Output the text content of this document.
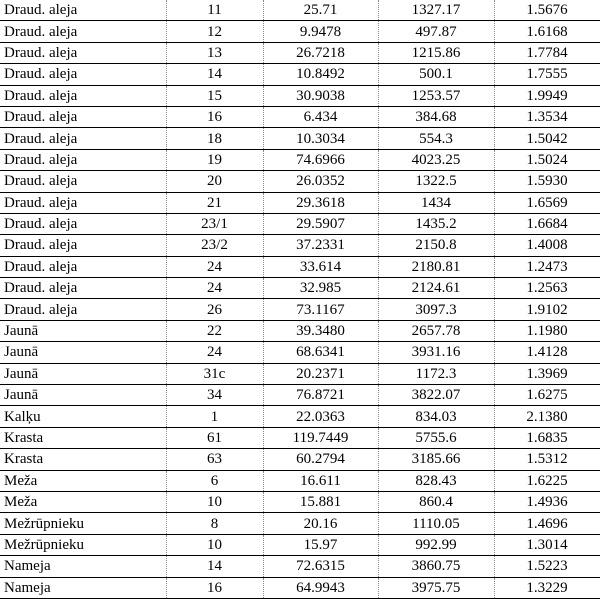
Draud. aleja	11	25.71	1327.17	1.5676
Draud. aleja	12	9.9478	497.87	1.6168
Draud. aleja	13	26.7218	1215.86	1.7784
Draud. aleja	14	10.8492	500.1	1.7555
Draud. aleja	15	30.9038	1253.57	1.9949
Draud. aleja	16	6.434	384.68	1.3534
Draud. aleja	18	10.3034	554.3	1.5042
Draud. aleja	19	74.6966	4023.25	1.5024
Draud. aleja	20	26.0352	1322.5	1.5930
Draud. aleja	21	29.3618	1434	1.6569
Draud. aleja	23/1	29.5907	1435.2	1.6684
Draud. aleja	23/2	37.2331	2150.8	1.4008
Draud. aleja	24	33.614	2180.81	1.2473
Draud. aleja	24	32.985	2124.61	1.2563
Draud. aleja	26	73.1167	3097.3	1.9102
Jaunā	22	39.3480	2657.78	1.1980
Jaunā	24	68.6341	3931.16	1.4128
Jaunā	31c	20.2371	1172.3	1.3969
Jaunā	34	76.8721	3822.07	1.6275
Kalķu	1	22.0363	834.03	2.1380
Krasta	61	119.7449	5755.6	1.6835
Krasta	63	60.2794	3185.66	1.5312
Meža	6	16.611	828.43	1.6225
Meža	10	15.881	860.4	1.4936
Mežrūpnieku	8	20.16	1110.05	1.4696
Mežrūpnieku	10	15.97	992.99	1.3014
Nameja	14	72.6315	3860.75	1.5223
Nameja	16	64.9943	3975.75	1.3229
